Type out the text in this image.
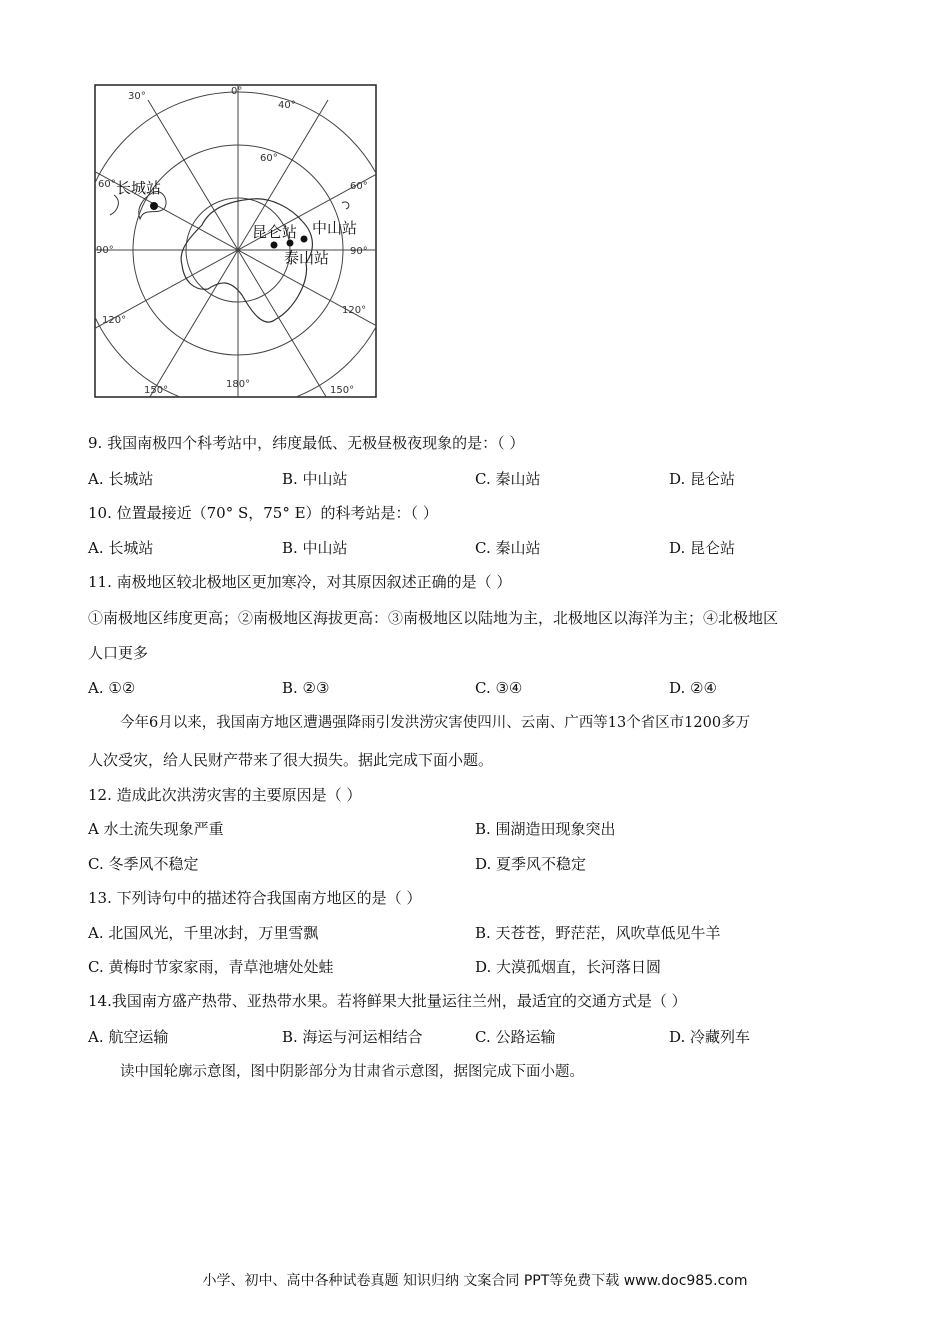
30°	0°
40°
60°
60°	60°
90°	90°
120°
120°
150°
180°
150°
长城站
昆仑站 中山站
泰山站
9. 我国南极四个科考站中，纬度最低、无极昼极夜现象的是：（ ）
A. 长城站	B. 中山站	C. 秦山站	D. 昆仑站
10. 位置最接近（70° S，75° E）的科考站是：（ ）
A. 长城站	B. 中山站	C. 秦山站	D. 昆仑站
11. 南极地区较北极地区更加寒冷，对其原因叙述正确的是（ ）
①南极地区纬度更高；②南极地区海拔更高：③南极地区以陆地为主，北极地区以海洋为主；④北极地区
人口更多
A. ①②	B. ②③	C. ③④	D. ②④
今年6月以来，我国南方地区遭遇强降雨引发洪涝灾害使四川、云南、广西等13个省区市1200多万
人次受灾，给人民财产带来了很大损失。据此完成下面小题。
12. 造成此次洪涝灾害的主要原因是（ ）
A 水土流失现象严重	B. 围湖造田现象突出
C. 冬季风不稳定	D. 夏季风不稳定
13. 下列诗句中的描述符合我国南方地区的是（ ）
A. 北国风光，千里冰封，万里雪飘	B. 天苍苍，野茫茫，风吹草低见牛羊
C. 黄梅时节家家雨，青草池塘处处蛙	D. 大漠孤烟直，长河落日圆
14.我国南方盛产热带、亚热带水果。若将鲜果大批量运往兰州，最适宜的交通方式是（ ）
A. 航空运输	B. 海运与河运相结合	C. 公路运输	D. 冷藏列车
读中国轮廓示意图，图中阴影部分为甘肃省示意图，据图完成下面小题。
小学、初中、高中各种试卷真题 知识归纳 文案合同 PPT等免费下载 www.doc985.com
